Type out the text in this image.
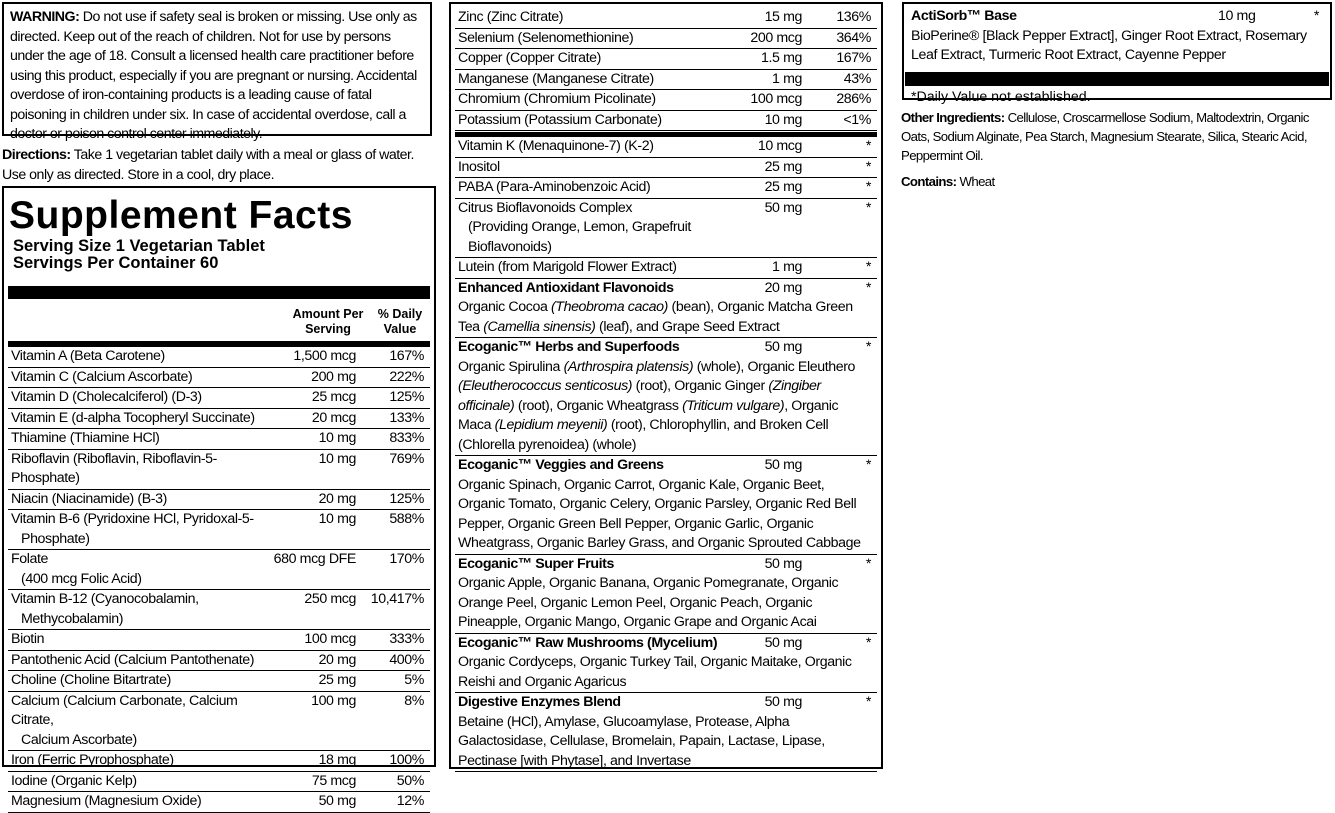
WARNING: Do not use if safety seal is broken or missing. Use only as directed. Keep out of the reach of children. Not for use by persons under the age of 18. Consult a licensed health care practitioner before using this product, especially if you are pregnant or nursing. Accidental overdose of iron-containing products is a leading cause of fatal poisoning in children under six. In case of accidental overdose, call a doctor or poison control center immediately.
Directions: Take 1 vegetarian tablet daily with a meal or glass of water. Use only as directed. Store in a cool, dry place.
Supplement Facts
Serving Size 1 Vegetarian Tablet
Servings Per Container 60
Amount Per
Serving
% Daily
Value
Vitamin A (Beta Carotene)	1,500 mcg 167%
Vitamin C (Calcium Ascorbate)	200 mg 222%
Vitamin D (Cholecalciferol) (D-3)	25 mcg 125%
Vitamin E (d-alpha Tocopheryl Succinate)	20 mcg 133%
Thiamine (Thiamine HCl)	10 mg 833%
Riboflavin (Riboflavin, Riboflavin-5-Phosphate)
10 mg 769%
Niacin (Niacinamide) (B-3)	20 mg 125%
Vitamin B-6 (Pyridoxine HCl, Pyridoxal-5-
Phosphate)
10 mg 588%
Folate
(400 mcg Folic Acid)
680 mcg DFE 170%
Vitamin B-12 (Cyanocobalamin,
Methycobalamin)
250 mcg 10,417%
Biotin	100 mcg 333%
Pantothenic Acid (Calcium Pantothenate)	20 mg 400%
Choline (Choline Bitartrate)	25 mg	5%
Calcium (Calcium Carbonate, Calcium Citrate,
Calcium Ascorbate)
100 mg	8%
Iron (Ferric Pyrophosphate)	18 mg 100%
Iodine (Organic Kelp)	75 mcg	50%
Magnesium (Magnesium Oxide)	50 mg	12%
Zinc (Zinc Citrate)	15 mg 136%
Selenium (Selenomethionine)	200 mcg 364%
Copper (Copper Citrate)	1.5 mg 167%
Manganese (Manganese Citrate)	1 mg	43%
Chromium (Chromium Picolinate)	100 mcg 286%
Potassium (Potassium Carbonate)	10 mg	<1%
Vitamin K (Menaquinone-7) (K-2)	10 mcg	*
Inositol	25 mg	*
PABA (Para-Aminobenzoic Acid)	25 mg	*
Citrus Bioflavonoids Complex
(Providing Orange, Lemon, Grapefruit Bioflavonoids)
50 mg	*
Lutein (from Marigold Flower Extract)	1 mg	*
Enhanced Antioxidant Flavonoids	20 mg	*
Organic Cocoa (Theobroma cacao) (bean), Organic Matcha Green Tea (Camellia sinensis) (leaf), and Grape Seed Extract
Ecoganic™ Herbs and Superfoods	50 mg	*
Organic Spirulina (Arthrospira platensis) (whole), Organic Eleuthero (Eleutherococcus senticosus) (root), Organic Ginger (Zingiber officinale) (root), Organic Wheatgrass (Triticum vulgare), Organic Maca (Lepidium meyenii) (root), Chlorophyllin, and Broken Cell (Chlorella pyrenoidea) (whole)
Ecoganic™ Veggies and Greens	50 mg	*
Organic Spinach, Organic Carrot, Organic Kale, Organic Beet, Organic Tomato, Organic Celery, Organic Parsley, Organic Red Bell Pepper, Organic Green Bell Pepper, Organic Garlic, Organic Wheatgrass, Organic Barley Grass, and Organic Sprouted Cabbage
Ecoganic™ Super Fruits	50 mg	*
Organic Apple, Organic Banana, Organic Pomegranate, Organic Orange Peel, Organic Lemon Peel, Organic Peach, Organic Pineapple, Organic Mango, Organic Grape and Organic Acai
Ecoganic™ Raw Mushrooms (Mycelium)	50 mg	*
Organic Cordyceps, Organic Turkey Tail, Organic Maitake, Organic Reishi and Organic Agaricus
Digestive Enzymes Blend	50 mg	*
Betaine (HCl), Amylase, Glucoamylase, Protease, Alpha Galactosidase, Cellulase, Bromelain, Papain, Lactase, Lipase, Pectinase [with Phytase], and Invertase
ActiSorb™ Base	10 mg	*
BioPerine® [Black Pepper Extract], Ginger Root Extract, Rosemary Leaf Extract, Turmeric Root Extract, Cayenne Pepper
*Daily Value not established.
Other Ingredients: Cellulose, Croscarmellose Sodium, Maltodextrin, Organic Oats, Sodium Alginate, Pea Starch, Magnesium Stearate, Silica, Stearic Acid, Peppermint Oil.
Contains: Wheat
